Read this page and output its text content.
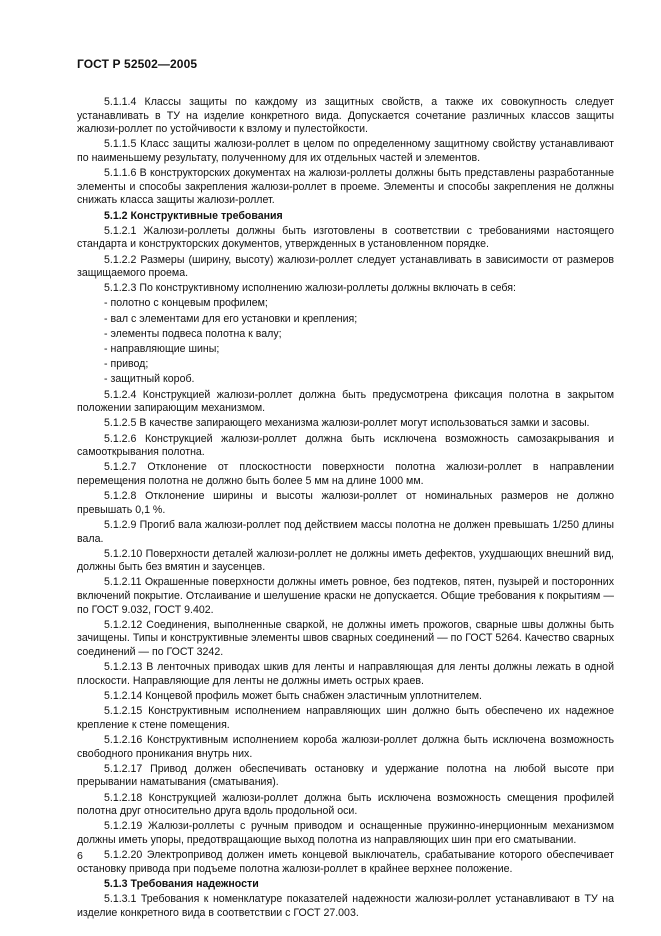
ГОСТ Р 52502—2005
5.1.1.4 Классы защиты по каждому из защитных свойств, а также их совокупность следует устанавливать в ТУ на изделие конкретного вида. Допускается сочетание различных классов защиты жалюзи-роллет по устойчивости к взлому и пулестойкости.
5.1.1.5 Класс защиты жалюзи-роллет в целом по определенному защитному свойству устанавливают по наименьшему результату, полученному для их отдельных частей и элементов.
5.1.1.6 В конструкторских документах на жалюзи-роллеты должны быть представлены разработанные элементы и способы закрепления жалюзи-роллет в проеме. Элементы и способы закрепления не должны снижать класса защиты жалюзи-роллет.
5.1.2 Конструктивные требования
5.1.2.1 Жалюзи-роллеты должны быть изготовлены в соответствии с требованиями настоящего стандарта и конструкторских документов, утвержденных в установленном порядке.
5.1.2.2 Размеры (ширину, высоту) жалюзи-роллет следует устанавливать в зависимости от размеров защищаемого проема.
5.1.2.3 По конструктивному исполнению жалюзи-роллеты должны включать в себя:
- полотно с концевым профилем;
- вал с элементами для его установки и крепления;
- элементы подвеса полотна к валу;
- направляющие шины;
- привод;
- защитный короб.
5.1.2.4 Конструкцией жалюзи-роллет должна быть предусмотрена фиксация полотна в закрытом положении запирающим механизмом.
5.1.2.5 В качестве запирающего механизма жалюзи-роллет могут использоваться замки и засовы.
5.1.2.6 Конструкцией жалюзи-роллет должна быть исключена возможность самозакрывания и самооткрывания полотна.
5.1.2.7 Отклонение от плоскостности поверхности полотна жалюзи-роллет в направлении перемещения полотна не должно быть более 5 мм на длине 1000 мм.
5.1.2.8 Отклонение ширины и высоты жалюзи-роллет от номинальных размеров не должно превышать 0,1 %.
5.1.2.9 Прогиб вала жалюзи-роллет под действием массы полотна не должен превышать 1/250 длины вала.
5.1.2.10 Поверхности деталей жалюзи-роллет не должны иметь дефектов, ухудшающих внешний вид, должны быть без вмятин и заусенцев.
5.1.2.11 Окрашенные поверхности должны иметь ровное, без подтеков, пятен, пузырей и посторонних включений покрытие. Отслаивание и шелушение краски не допускается. Общие требования к покрытиям — по ГОСТ 9.032, ГОСТ 9.402.
5.1.2.12 Соединения, выполненные сваркой, не должны иметь прожогов, сварные швы должны быть зачищены. Типы и конструктивные элементы швов сварных соединений — по ГОСТ 5264. Качество сварных соединений — по ГОСТ 3242.
5.1.2.13 В ленточных приводах шкив для ленты и направляющая для ленты должны лежать в одной плоскости. Направляющие для ленты не должны иметь острых краев.
5.1.2.14 Концевой профиль может быть снабжен эластичным уплотнителем.
5.1.2.15 Конструктивным исполнением направляющих шин должно быть обеспечено их надежное крепление к стене помещения.
5.1.2.16 Конструктивным исполнением короба жалюзи-роллет должна быть исключена возможность свободного проникания внутрь них.
5.1.2.17 Привод должен обеспечивать остановку и удержание полотна на любой высоте при прерывании наматывания (сматывания).
5.1.2.18 Конструкцией жалюзи-роллет должна быть исключена возможность смещения профилей полотна друг относительно друга вдоль продольной оси.
5.1.2.19 Жалюзи-роллеты с ручным приводом и оснащенные пружинно-инерционным механизмом должны иметь упоры, предотвращающие выход полотна из направляющих шин при его сматывании.
5.1.2.20 Электропривод должен иметь концевой выключатель, срабатывание которого обеспечивает остановку привода при подъеме полотна жалюзи-роллет в крайнее верхнее положение.
5.1.3 Требования надежности
5.1.3.1 Требования к номенклатуре показателей надежности жалюзи-роллет устанавливают в ТУ на изделие конкретного вида в соответствии с ГОСТ 27.003.
6
